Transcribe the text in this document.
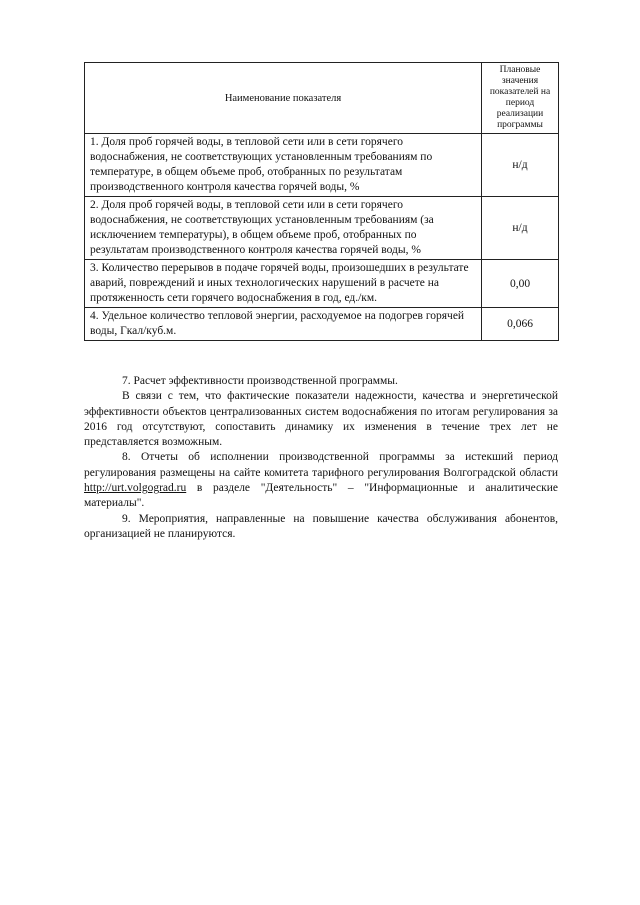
Наименование показателя	Плановые значения показателей на период реализации программы
1. Доля проб горячей воды, в тепловой сети или в сети горячего водоснабжения, не соответствующих установленным требованиям по температуре, в общем объеме проб, отобранных по результатам производственного контроля качества горячей воды, %	н/д
2. Доля проб горячей воды, в тепловой сети или в сети горячего водоснабжения, не соответствующих установленным требованиям (за исключением температуры), в общем объеме проб, отобранных по результатам производственного контроля качества горячей воды, %	н/д
3. Количество перерывов в подаче горячей воды, произошедших в результате аварий, повреждений и иных технологических нарушений в расчете на протяженность сети горячего водоснабжения в год, ед./км.	0,00
4. Удельное количество тепловой энергии, расходуемое на подогрев горячей воды, Гкал/куб.м.	0,066

7. Расчет эффективности производственной программы.

В связи с тем, что фактические показатели надежности, качества и энергетической эффективности объектов централизованных систем водоснабжения по итогам регулирования за 2016 год отсутствуют, сопоставить динамику их изменения в течение трех лет не представляется возможным.

8. Отчеты об исполнении производственной программы за истекший период регулирования размещены на сайте комитета тарифного регулирования Волгоградской области http://urt.volgograd.ru в разделе "Деятельность" – "Информационные и аналитические материалы".

9. Мероприятия, направленные на повышение качества обслуживания абонентов, организацией не планируются.
